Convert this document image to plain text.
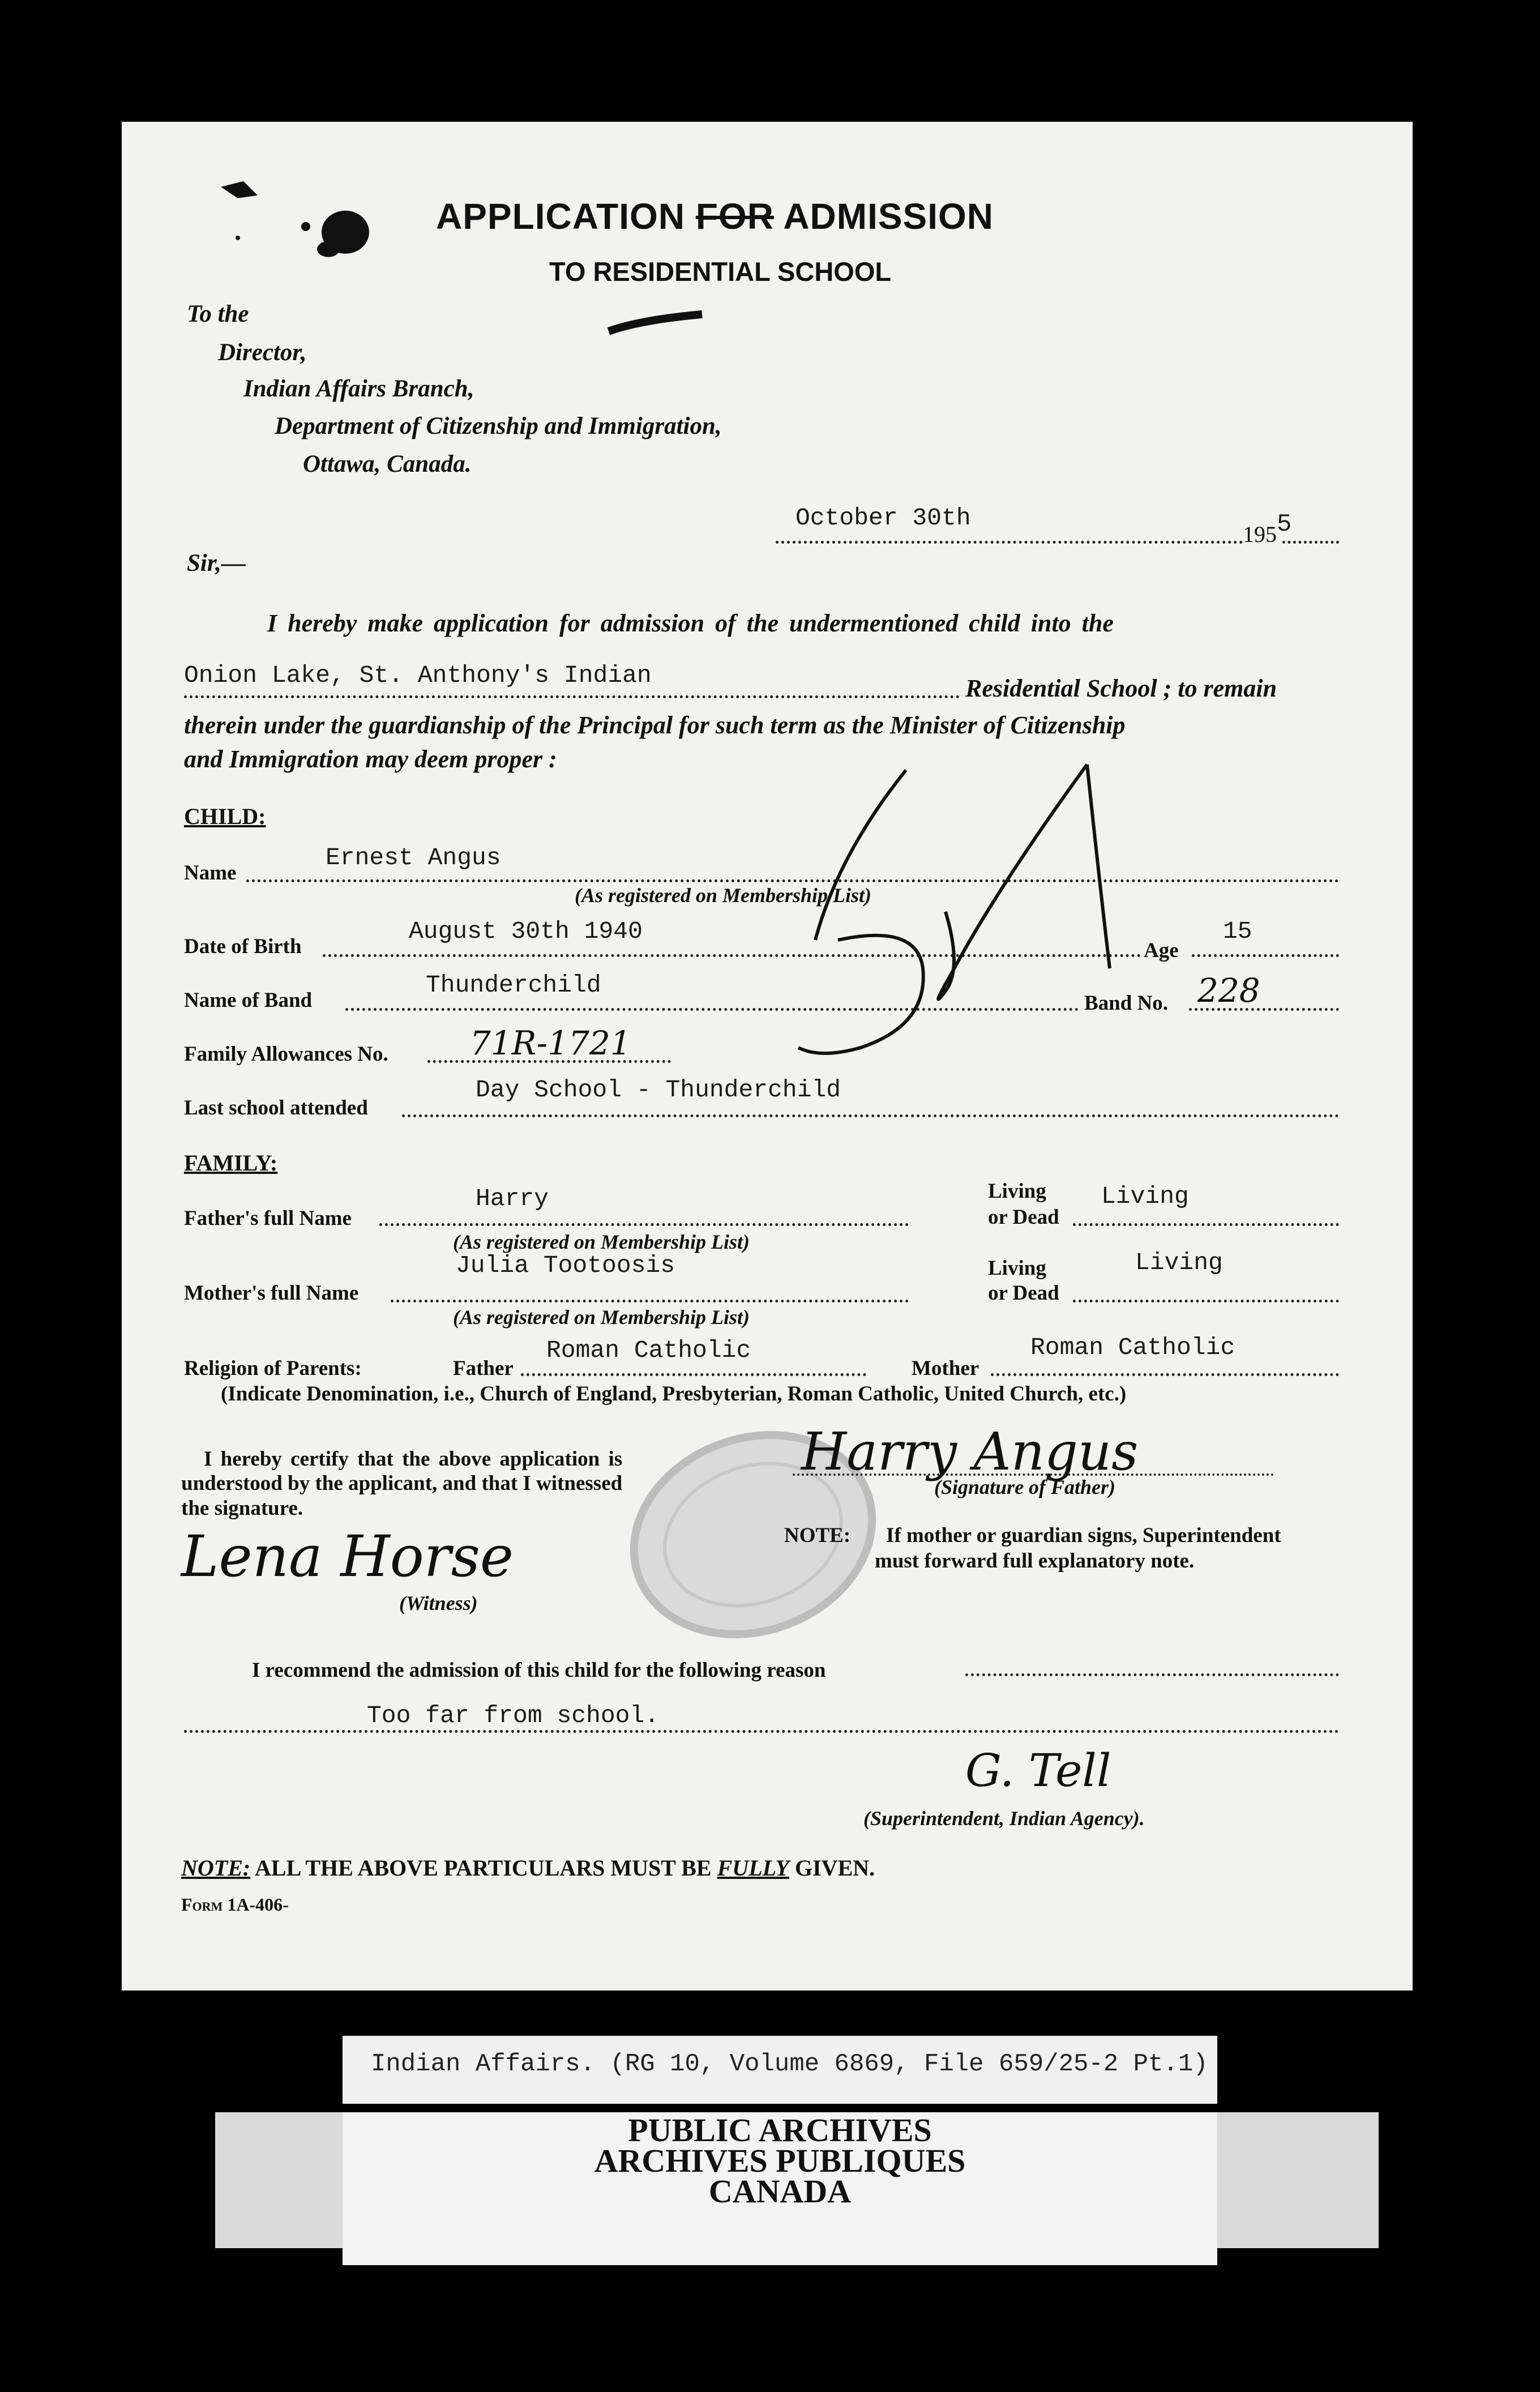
APPLICATION FOR ADMISSION
TO RESIDENTIAL SCHOOL
To the
Director,
Indian Affairs Branch,
Department of Citizenship and Immigration,
Ottawa, Canada.
October 30th
1955
Sir,—
I hereby make application for admission of the undermentioned child into the
Onion Lake, St. Anthony's Indian	Residential School ; to remain
therein under the guardianship of the Principal for such term as the Minister of Citizenship
and Immigration may deem proper :
CHILD:
Name
Ernest Angus
(As registered on Membership List)
Date of Birth
August 30th 1940
Age
15
Name of Band
Thunderchild
Band No. 228
Family Allowances No. 71R-1721
Last school attended
Day School - Thunderchild
FAMILY:
Father's full Name
Harry
(As registered on Membership List)
Living
or Dead
Living
Mother's full Name
Julia Tootoosis
(As registered on Membership List)
Living
or Dead
Living
Religion of Parents:	Father
Roman Catholic
Mother
Roman Catholic
(Indicate Denomination, i.e., Church of England, Presbyterian, Roman Catholic, United Church, etc.)
I hereby certify that the above application is
understood by the applicant, and that I witnessed
the signature.
Harry Angus
(Signature of Father)
NOTE: If mother or guardian signs, Superintendent
must forward full explanatory note.
Lena Horse
(Witness)
I recommend the admission of this child for the following reason
Too far from school.
G. Tell
(Superintendent, Indian Agency).
NOTE: ALL THE ABOVE PARTICULARS MUST BE FULLY GIVEN.
Form 1A-406-
Indian Affairs. (RG 10, Volume 6869, File 659/25-2 Pt.1)
PUBLIC ARCHIVES
ARCHIVES PUBLIQUES
CANADA
